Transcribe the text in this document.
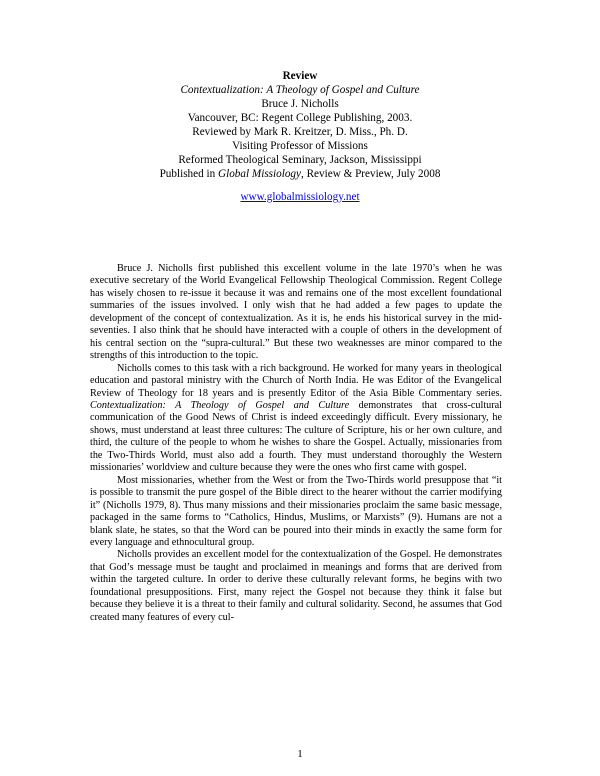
Review
Contextualization: A Theology of Gospel and Culture
Bruce J. Nicholls
Vancouver, BC: Regent College Publishing, 2003.
Reviewed by Mark R. Kreitzer, D. Miss., Ph. D.
Visiting Professor of Missions
Reformed Theological Seminary, Jackson, Mississippi
Published in Global Missiology, Review & Preview, July 2008
www.globalmissiology.net

Bruce J. Nicholls first published this excellent volume in the late 1970’s when he was executive secretary of the World Evangelical Fellowship Theological Commission. Regent College has wisely chosen to re-issue it because it was and remains one of the most excellent foundational summaries of the issues involved. I only wish that he had added a few pages to update the development of the concept of contextualization. As it is, he ends his historical survey in the mid-seventies. I also think that he should have interacted with a couple of others in the development of his central section on the “supra-cultural.” But these two weaknesses are minor compared to the strengths of this introduction to the topic.

Nicholls comes to this task with a rich background. He worked for many years in theological education and pastoral ministry with the Church of North India. He was Editor of the Evangelical Review of Theology for 18 years and is presently Editor of the Asia Bible Commentary series. Contextualization: A Theology of Gospel and Culture demonstrates that cross-cultural communication of the Good News of Christ is indeed exceedingly difficult. Every missionary, he shows, must understand at least three cultures: The culture of Scripture, his or her own culture, and third, the culture of the people to whom he wishes to share the Gospel. Actually, missionaries from the Two-Thirds World, must also add a fourth. They must understand thoroughly the Western missionaries’ worldview and culture because they were the ones who first came with gospel.

Most missionaries, whether from the West or from the Two-Thirds world presuppose that “it is possible to transmit the pure gospel of the Bible direct to the hearer without the carrier modifying it” (Nicholls 1979, 8). Thus many missions and their missionaries proclaim the same basic message, packaged in the same forms to “Catholics, Hindus, Muslims, or Marxists” (9). Humans are not a blank slate, he states, so that the Word can be poured into their minds in exactly the same form for every language and ethnocultural group.

Nicholls provides an excellent model for the contextualization of the Gospel. He demonstrates that God’s message must be taught and proclaimed in meanings and forms that are derived from within the targeted culture. In order to derive these culturally relevant forms, he begins with two foundational presuppositions. First, many reject the Gospel not because they think it false but because they believe it is a threat to their family and cultural solidarity. Second, he assumes that God created many features of every cul-

1
